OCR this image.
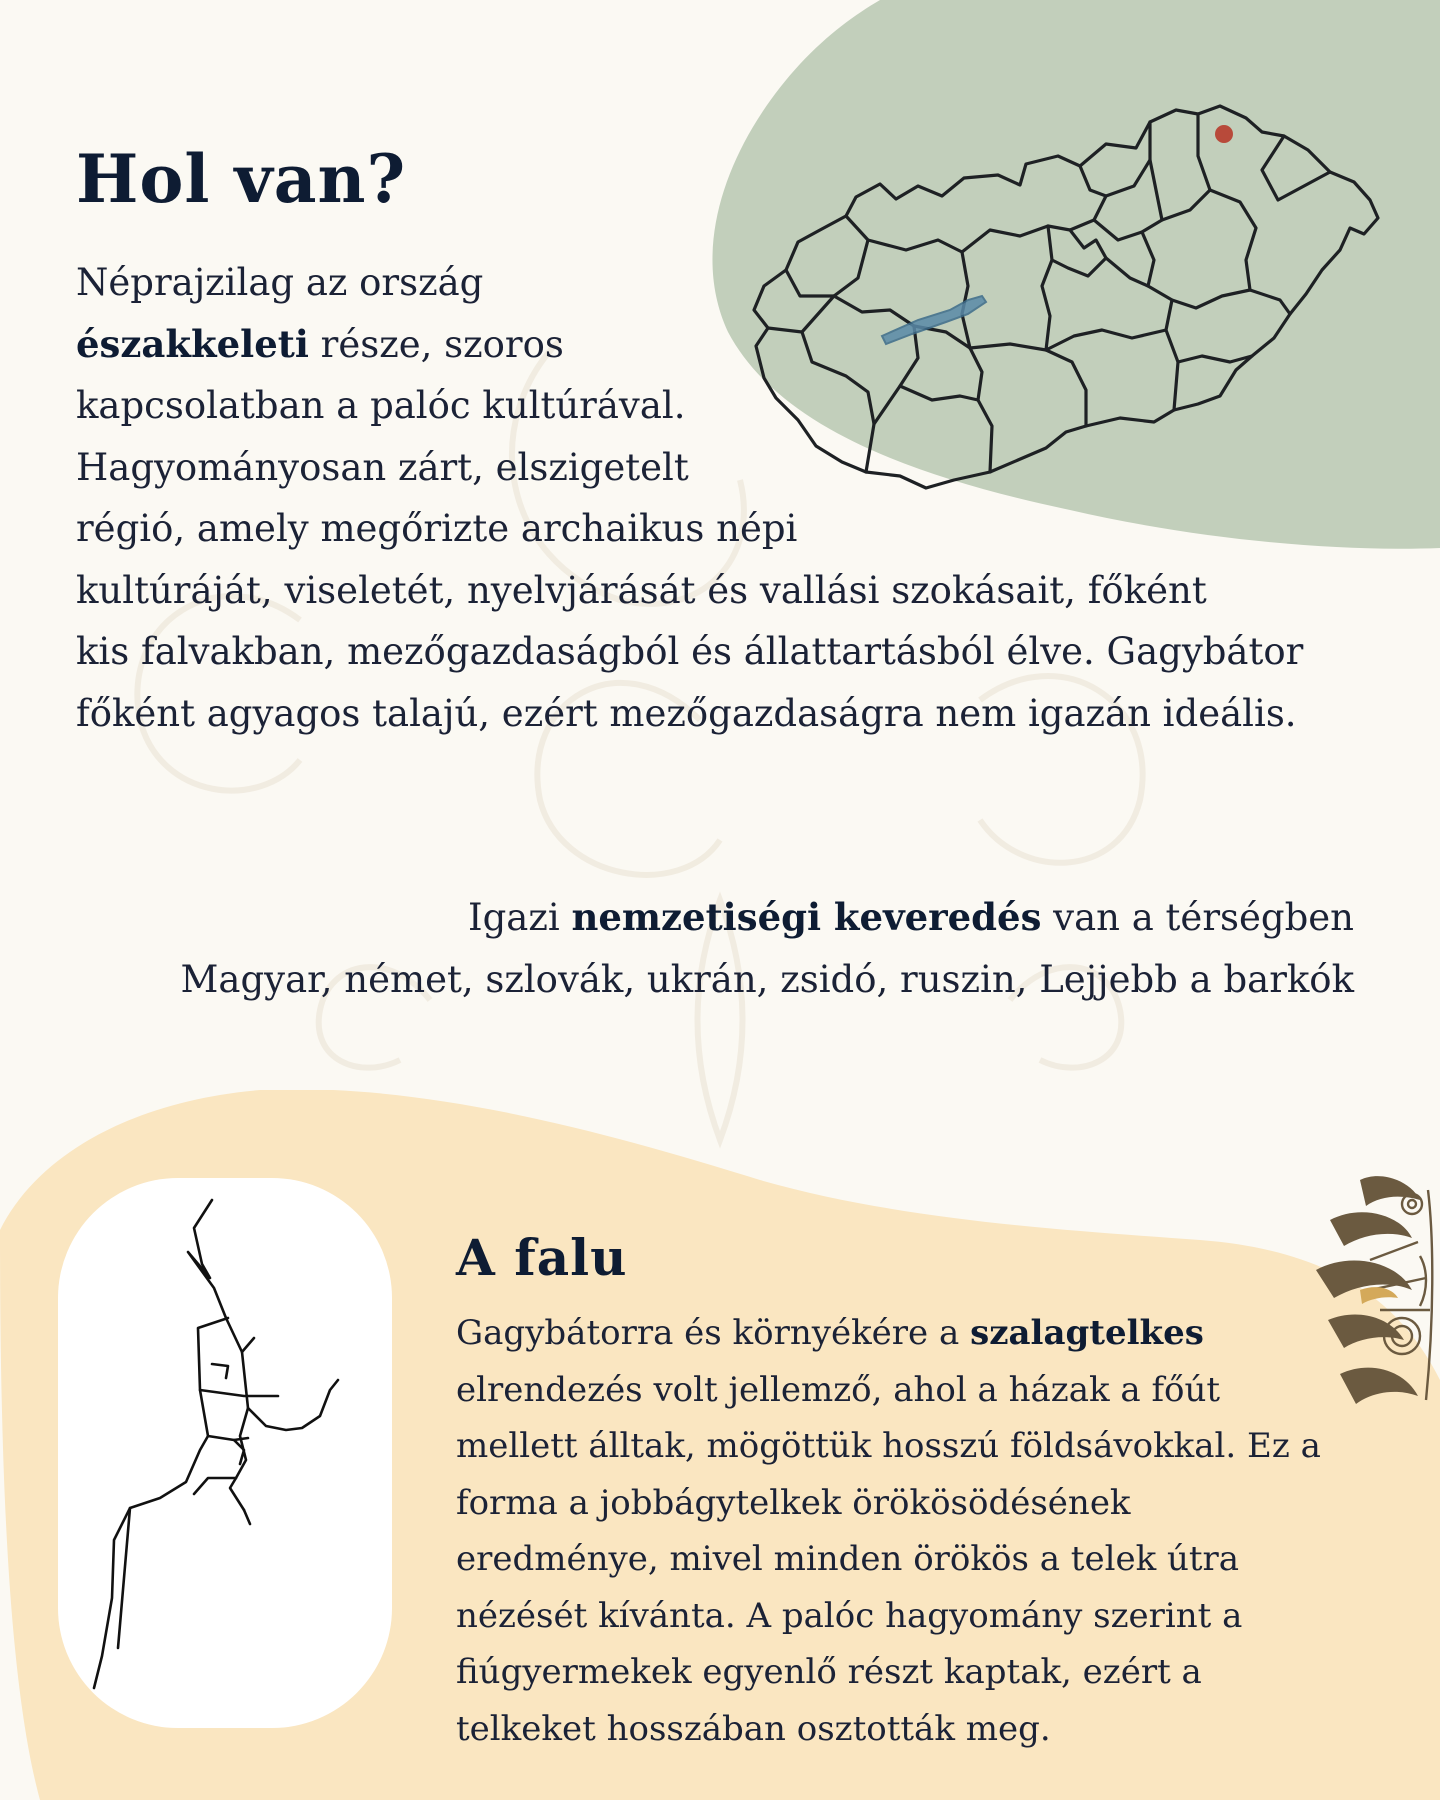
Hol van?

Néprajzilag az ország
északkeleti része, szoros
kapcsolatban a palóc kultúrával.
Hagyományosan zárt, elszigetelt
régió, amely megőrizte archaikus népi
kultúráját, viseletét, nyelvjárását és vallási szokásait, főként
kis falvakban, mezőgazdaságból és állattartásból élve. Gagybátor
főként agyagos talajú, ezért mezőgazdaságra nem igazán ideális.

Igazi nemzetiségi keveredés van a térségben
Magyar, német, szlovák, ukrán, zsidó, ruszin, Lejjebb a barkók

A falu

Gagybátorra és környékére a szalagtelkes
elrendezés volt jellemző, ahol a házak a főút
mellett álltak, mögöttük hosszú földsávokkal. Ez a
forma a jobbágytelkek örökösödésének
eredménye, mivel minden örökös a telek útra
nézését kívánta. A palóc hagyomány szerint a
fiúgyermekek egyenlő részt kaptak, ezért a
telkeket hosszában osztották meg.
